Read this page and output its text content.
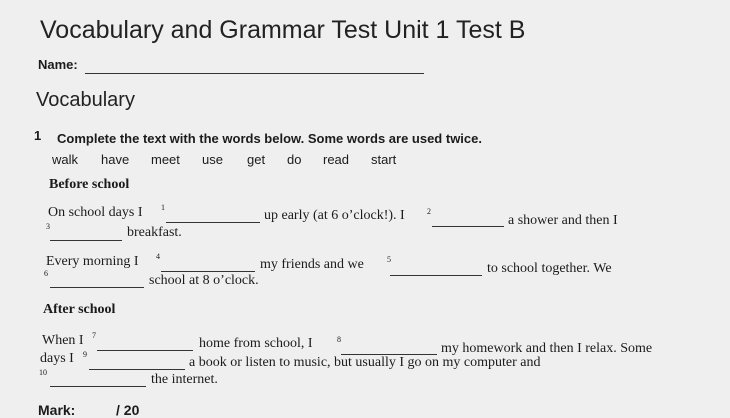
Vocabulary and Grammar Test Unit 1 Test B
Name:
Vocabulary
1 Complete the text with the words below. Some words are used twice.
walk have meet use get do read start
Before school
On school days I 1
up early (at 6 o’clock!). I	2
a shower and then I
3	breakfast.
Every morning I 4
my friends and we	5
to school together. We
6	school at 8 o’clock.
After school
When I 7
home from school, I	8
my homework and then I relax. Some
days I 9
a book or listen to music, but usually I go on my computer and
10	the internet.
Mark:	/ 20
